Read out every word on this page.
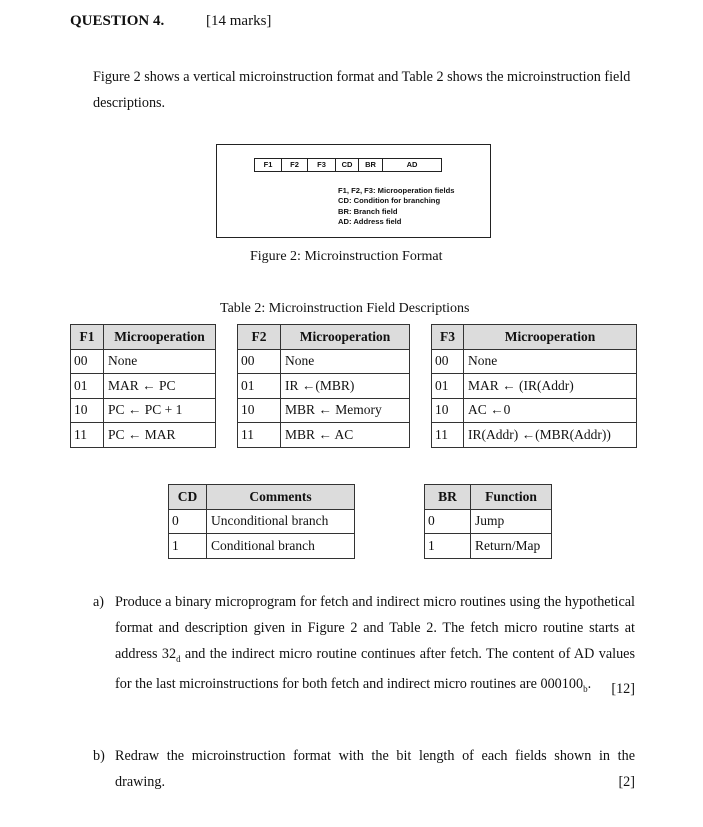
QUESTION 4.	[14 marks]
Figure 2 shows a vertical microinstruction format and Table 2 shows the microinstruction field descriptions.
F1	F2	F3	CD	BR	AD
F1, F2, F3: Microoperation fields
CD: Condition for branching
BR: Branch field
AD: Address field
Figure 2: Microinstruction Format
Table 2: Microinstruction Field Descriptions
F1	Microoperation
00	None
01	MAR ← PC
10	PC ← PC + 1
11	PC ← MAR
F2	Microoperation
00	None
01	IR ←(MBR)
10	MBR ← Memory
11	MBR ← AC
F3	Microoperation
00	None
01	MAR ← (IR(Addr)
10	AC ←0
11	IR(Addr) ←(MBR(Addr))
CD	Comments
0	Unconditional branch
1	Conditional branch
BR	Function
0	Jump
1	Return/Map
a) Produce a binary microprogram for fetch and indirect micro routines using the hypothetical format and description given in Figure 2 and Table 2. The fetch micro routine starts at address $32_d$ and the indirect micro routine continues after fetch. The content of AD values for the last microinstructions for both fetch and indirect micro routines are $000100_b$.	[12]
b) Redraw the microinstruction format with the bit length of each fields shown in the drawing.	[2]
